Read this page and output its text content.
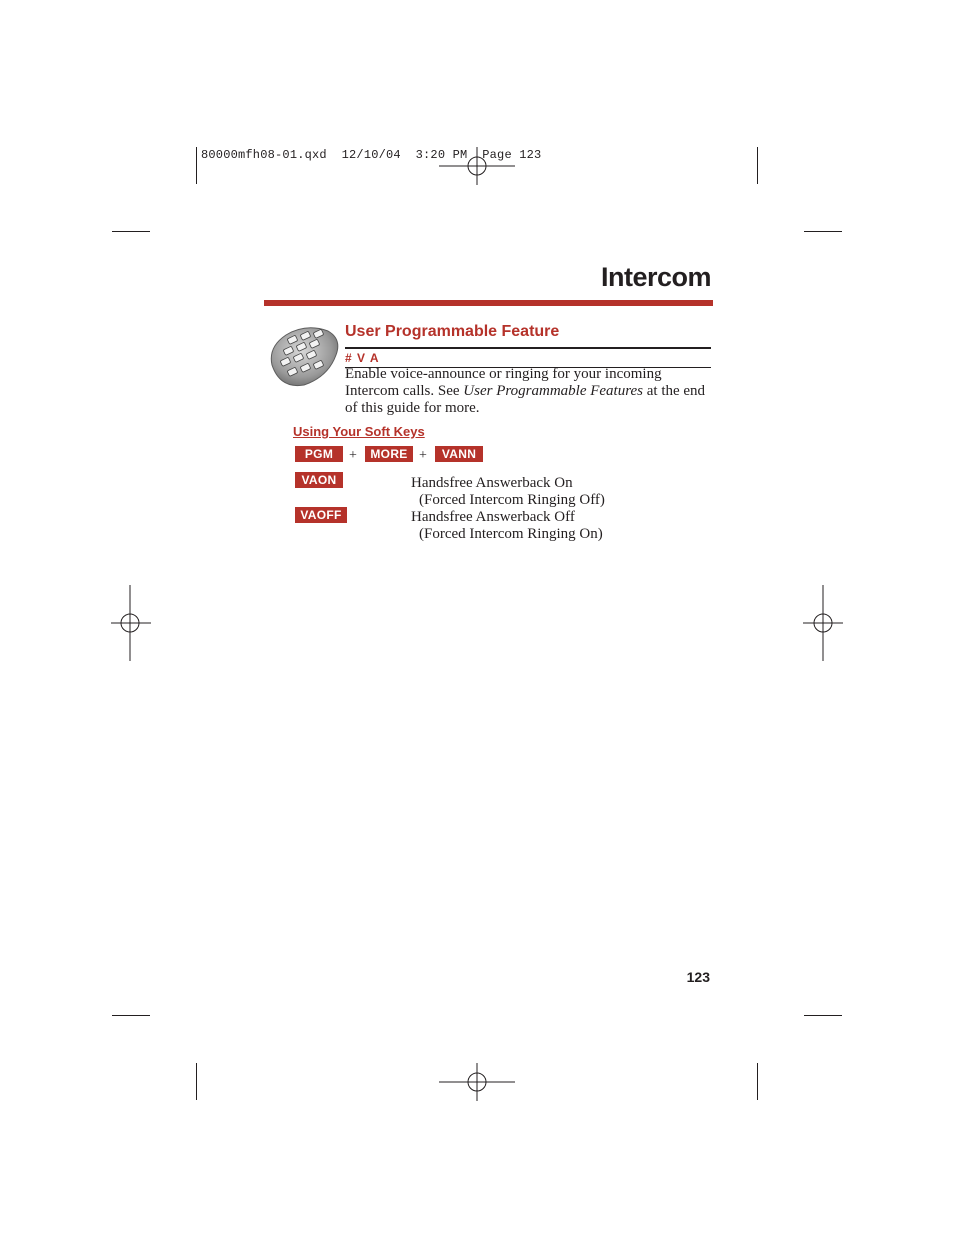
80000mfh08-01.qxd  12/10/04  3:20 PM  Page 123
Intercom
User Programmable Feature
# V A
Enable voice-announce or ringing for your incoming Intercom calls. See User Programmable Features at the end of this guide for more.
Using Your Soft Keys
PGM	+	MORE +	VANN
VAON	Handsfree Answerback On
(Forced Intercom Ringing Off)
VAOFF	Handsfree Answerback Off
(Forced Intercom Ringing On)
123
